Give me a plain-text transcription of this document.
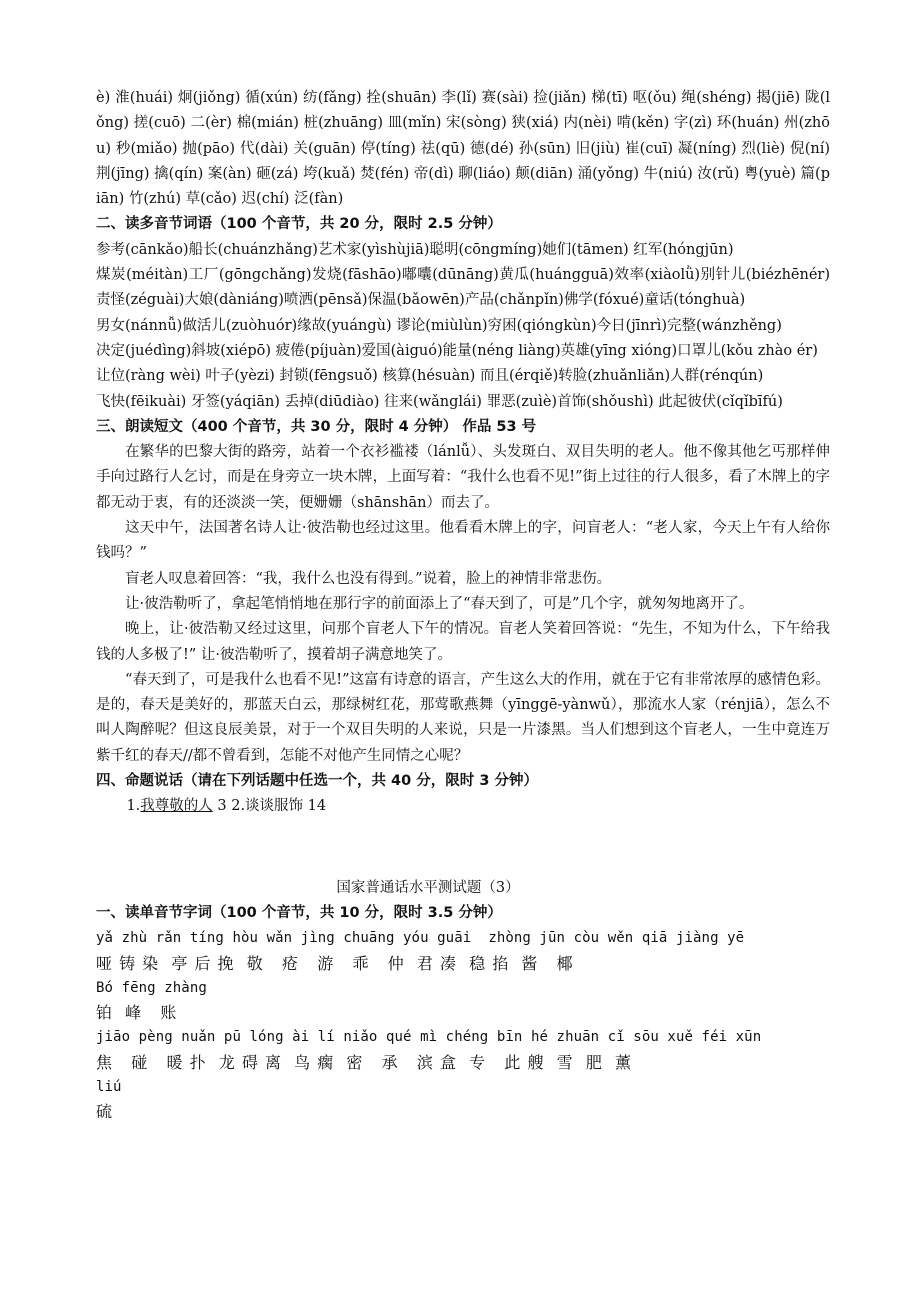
è) 淮(huái) 炯(jiǒng) 循(xún) 纺(fǎng) 拴(shuān) 李(lǐ) 赛(sài) 捡(jiǎn) 梯(tī) 呕(ǒu) 绳(shéng) 揭(jiē) 陇(lǒng) 搓(cuō) 二(èr) 棉(mián) 桩(zhuāng) 皿(mǐn) 宋(sòng) 狭(xiá) 内(nèi) 啃(kěn) 字(zì) 环(huán) 州(zhōu) 秒(miǎo) 抛(pāo) 代(dài) 关(guān) 停(tíng) 祛(qū) 德(dé) 孙(sūn) 旧(jiù) 崔(cuī) 凝(níng) 烈(liè) 倪(ní) 荆(jīng) 擒(qín) 案(àn) 砸(zá) 垮(kuǎ) 焚(fén) 帝(dì) 聊(liáo) 颠(diān) 涌(yǒng) 牛(niú) 汝(rǔ) 粤(yuè) 篇(piān) 竹(zhú) 草(cǎo) 迟(chí) 泛(fàn)

二、读多音节词语（100 个音节，共 20 分，限时 2.5 分钟）

参考(cānkǎo)船长(chuánzhǎng)艺术家(yìshùjiā)聪明(cōngmíng)她们(tāmen) 红军(hóngjūn)

煤炭(méitàn)工厂(gōngchǎng)发烧(fāshāo)嘟囔(dūnāng)黄瓜(huángguā)效率(xiàolǜ)别针儿(biézhēnér)责怪(zéguài)大娘(dàniáng)喷洒(pēnsǎ)保温(bǎowēn)产品(chǎnpǐn)佛学(fóxué)童话(tónghuà)

男女(nánnǚ)做活儿(zuòhuór)缘故(yuángù) 谬论(miùlùn)穷困(qióngkùn)今日(jīnrì)完整(wánzhěng)

决定(juédìng)斜坡(xiépō) 疲倦(píjuàn)爱国(àiguó)能量(néng liàng)英雄(yīng xióng)口罩儿(kǒu zhào ér)

让位(ràng wèi) 叶子(yèzi) 封锁(fēngsuǒ) 核算(hésuàn) 而且(érqiě)转脸(zhuǎnliǎn)人群(rénqún)

飞快(fēikuài) 牙签(yáqiān) 丢掉(diūdiào) 往来(wǎnglái) 罪恶(zuìè)首饰(shǒushì) 此起彼伏(cǐqǐbīfú)

三、朗读短文（400 个音节，共 30 分，限时 4 分钟） 作品 53 号

在繁华的巴黎大街的路旁，站着一个衣衫褴褛（lánlǚ）、头发斑白、双目失明的老人。他不像其他乞丐那样伸手向过路行人乞讨，而是在身旁立一块木牌，上面写着：“我什么也看不见!”街上过往的行人很多，看了木牌上的字都无动于衷，有的还淡淡一笑，便姗姗（shānshān）而去了。

这天中午，法国著名诗人让·彼浩勒也经过这里。他看看木牌上的字，问盲老人：“老人家，今天上午有人给你钱吗？”

盲老人叹息着回答：“我，我什么也没有得到。”说着，脸上的神情非常悲伤。

让·彼浩勒听了，拿起笔悄悄地在那行字的前面添上了“春天到了，可是”几个字，就匆匆地离开了。

晚上，让·彼浩勒又经过这里，问那个盲老人下午的情况。盲老人笑着回答说：“先生，不知为什么，下午给我钱的人多极了!” 让·彼浩勒听了，摸着胡子满意地笑了。

“春天到了，可是我什么也看不见!”这富有诗意的语言，产生这么大的作用，就在于它有非常浓厚的感情色彩。是的，春天是美好的，那蓝天白云，那绿树红花，那莺歌燕舞（yīnggē-yànwǔ），那流水人家（rénjiā），怎么不叫人陶醉呢？但这良辰美景，对于一个双目失明的人来说，只是一片漆黑。当人们想到这个盲老人，一生中竟连万紫千红的春天//都不曾看到，怎能不对他产生同情之心呢？

四、命题说话（请在下列话题中任选一个，共 40 分，限时 3 分钟）

1.我尊敬的人 3 2.谈谈服饰 14

国家普通话水平测试题（3）

一、读单音节字词（100 个音节，共 10 分，限时 3.5 分钟）

yǎ zhù rǎn tíng hòu wǎn jìng chuāng yóu guāi  zhòng jūn còu wěn qiā jiàng yē

哑 铸 染  亭 后 挽  敬   疮   游   乖   仲  君 凑  稳 掐  酱   椰

Bó fēng zhàng

铂  峰   账

jiāo pèng nuǎn pū lóng ài lí niǎo qué mì chéng bīn hé zhuān cǐ sōu xuě féi xūn

焦   碰   暖 扑  龙 碍 离  鸟 瘸  密   承   滨 盒  专   此 艘  雪  肥  薰

liú

硫
